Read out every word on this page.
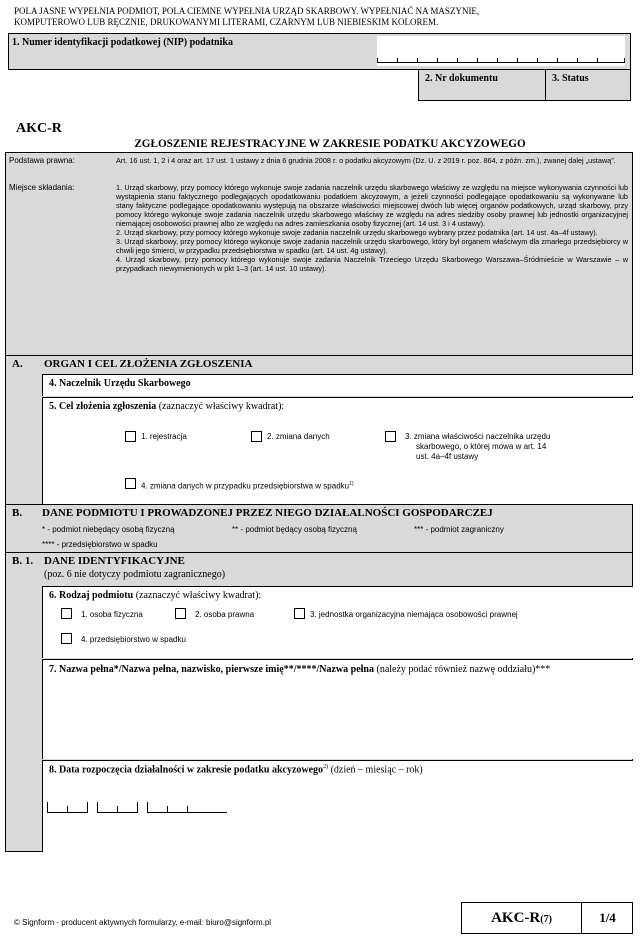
POLA JASNE WYPEŁNIA PODMIOT, POLA CIEMNE WYPEŁNIA URZĄD SKARBOWY. WYPEŁNIAĆ NA MASZYNIE,
KOMPUTEROWO LUB RĘCZNIE, DRUKOWANYMI LITERAMI, CZARNYM LUB NIEBIESKIM KOLOREM.
1. Numer identyfikacji podatkowej (NIP) podatnika
2. Nr dokumentu	3. Status
AKC-R
ZGŁOSZENIE REJESTRACYJNE W ZAKRESIE PODATKU AKCYZOWEGO
Podstawa prawna:	Art. 16 ust. 1, 2 i 4 oraz art. 17 ust. 1 ustawy z dnia 6 grudnia 2008 r. o podatku akcyzowym (Dz. U. z 2019 r. poz. 864, z późn. zm.), zwanej dalej „ustawą”.
Miejsce składania:	1. Urząd skarbowy, przy pomocy którego wykonuje swoje zadania naczelnik urzędu skarbowego właściwy ze względu na miejsce wykonywania czynności lub wystąpienia stanu faktycznego podlegających opodatkowaniu podatkiem akcyzowym, a jeżeli czynności podlegające opodatkowaniu są wykonywane lub stany faktyczne podlegające opodatkowaniu występują na obszarze właściwości miejscowej dwóch lub więcej organów podatkowych, urząd skarbowy, przy pomocy którego wykonuje swoje zadania naczelnik urzędu skarbowego właściwy ze względu na adres siedziby osoby prawnej lub jednostki organizacyjnej niemającej osobowości prawnej albo ze względu na adres zamieszkania osoby fizycznej (art. 14 ust. 3 i 4 ustawy).
2. Urząd skarbowy, przy pomocy którego wykonuje swoje zadania naczelnik urzędu skarbowego wybrany przez podatnika (art. 14 ust. 4a–4f ustawy).
3. Urząd skarbowy, przy pomocy którego wykonuje swoje zadania naczelnik urzędu skarbowego, który był organem właściwym dla zmarłego przedsiębiorcy w chwili jego śmierci, w przypadku przedsiębiorstwa w spadku (art. 14 ust. 4g ustawy).
4. Urząd skarbowy, przy pomocy którego wykonuje swoje zadania Naczelnik Trzeciego Urzędu Skarbowego Warszawa–Śródmieście w Warszawie – w przypadkach niewymienionych w pkt 1–3 (art. 14 ust. 10 ustawy).
A. ORGAN I CEL ZŁOŻENIA ZGŁOSZENIA
4. Naczelnik Urzędu Skarbowego
5. Cel złożenia zgłoszenia (zaznaczyć właściwy kwadrat):
1. rejestracja	2. zmiana danych	3. zmiana właściwości naczelnika urzędu
skarbowego, o której mowa w art. 14
ust. 4a–4f ustawy
4. zmiana danych w przypadku przedsiębiorstwa w spadku$^{1)}$
B. DANE PODMIOTU I PROWADZONEJ PRZEZ NIEGO DZIAŁALNOŚCI GOSPODARCZEJ
* - podmiot niebędący osobą fizyczną	** - podmiot będący osobą fizyczną	*** - podmiot zagraniczny
**** - przedsiębiorstwo w spadku
B. 1. DANE IDENTYFIKACYJNE
(poz. 6 nie dotyczy podmiotu zagranicznego)
6. Rodzaj podmiotu (zaznaczyć właściwy kwadrat):
1. osoba fizyczna	2. osoba prawna	3. jednostka organizacyjna niemająca osobowości prawnej
4. przedsiębiorstwo w spadku
7. Nazwa pełna*/Nazwa pełna, nazwisko, pierwsze imię**/****/Nazwa pełna (należy podać również nazwę oddziału)***
8. Data rozpoczęcia działalności w zakresie podatku akcyzowego$^{2)}$ (dzień – miesiąc – rok)
© Signform - producent aktywnych formularzy, e-mail: biuro@signform.pl	AKC-R(7)	1/4
